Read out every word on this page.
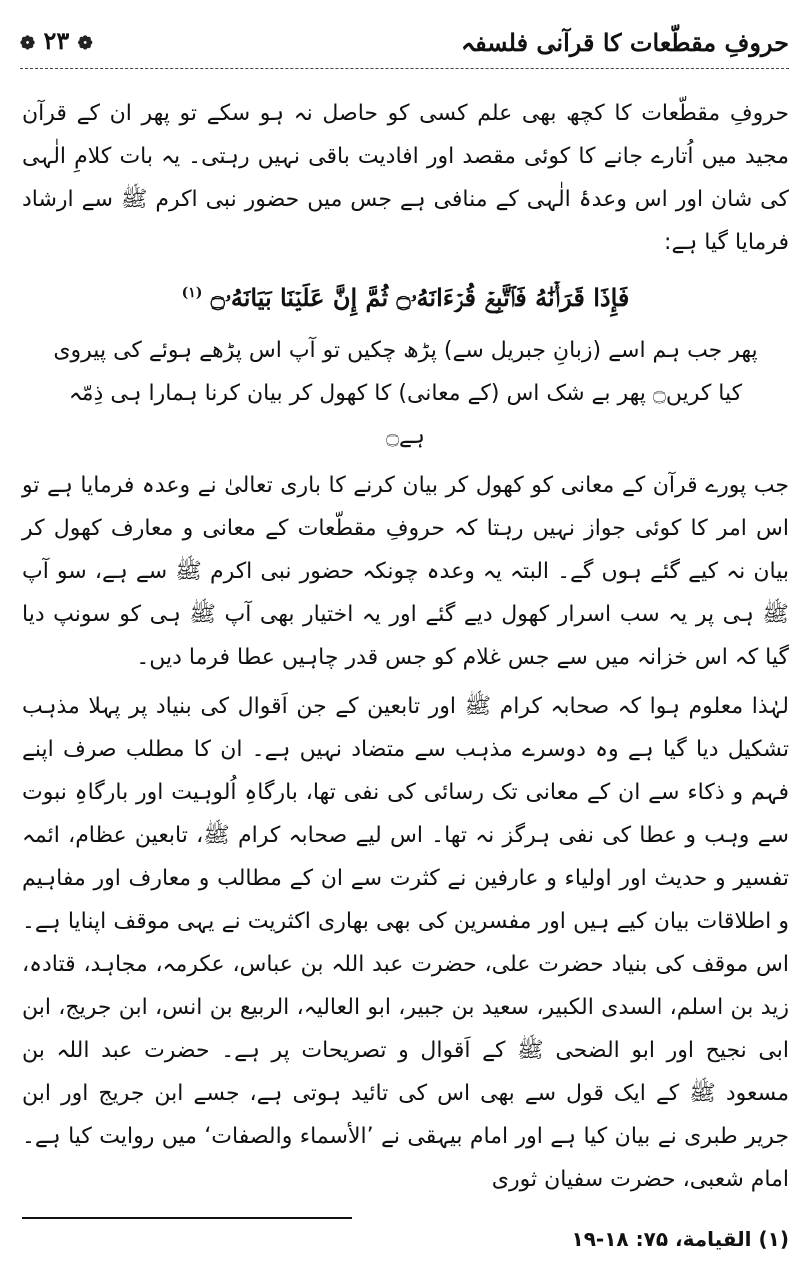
حروفِ مقطّعات کا قرآنی فلسفہ
❁ ۲۳ ❁

حروفِ مقطّعات کا کچھ بھی علم کسی کو حاصل نہ ہو سکے تو پھر ان کے قرآن مجید میں اُتارے جانے کا کوئی مقصد اور افادیت باقی نہیں رہتی۔ یہ بات کلامِ الٰہی کی شان اور اس وعدۂ الٰہی کے منافی ہے جس میں حضور نبی اکرم ﷺ سے ارشاد فرمایا گیا ہے:

فَإِذَا قَرَأۡنَٰهُ فَٱتَّبِعۡ قُرۡءَانَهُۥ۝ ثُمَّ إِنَّ عَلَيۡنَا بَيَانَهُۥ۝ $^{(۱)}$

پھر جب ہم اسے (زبانِ جبریل سے) پڑھ چکیں تو آپ اس پڑھے ہوئے کی پیروی کیا کریں۝ پھر بے شک اس (کے معانی) کا کھول کر بیان کرنا ہمارا ہی ذِمّہ ہے۝

جب پورے قرآن کے معانی کو کھول کر بیان کرنے کا باری تعالیٰ نے وعدہ فرمایا ہے تو اس امر کا کوئی جواز نہیں رہتا کہ حروفِ مقطّعات کے معانی و معارف کھول کر بیان نہ کیے گئے ہوں گے۔ البتہ یہ وعدہ چونکہ حضور نبی اکرم ﷺ سے ہے، سو آپ ﷺ ہی پر یہ سب اسرار کھول دیے گئے اور یہ اختیار بھی آپ ﷺ ہی کو سونپ دیا گیا کہ اس خزانہ میں سے جس غلام کو جس قدر چاہیں عطا فرما دیں۔

لہٰذا معلوم ہوا کہ صحابہ کرام ﷺ اور تابعین کے جن اَقوال کی بنیاد پر پہلا مذہب تشکیل دیا گیا ہے وہ دوسرے مذہب سے متضاد نہیں ہے۔ ان کا مطلب صرف اپنے فہم و ذکاء سے ان کے معانی تک رسائی کی نفی تھا، بارگاہِ اُلوہیت اور بارگاہِ نبوت سے وہب و عطا کی نفی ہرگز نہ تھا۔ اس لیے صحابہ کرام ﷺ، تابعین عظام، ائمہ تفسیر و حدیث اور اولیاء و عارفین نے کثرت سے ان کے مطالب و معارف اور مفاہیم و اطلاقات بیان کیے ہیں اور مفسرین کی بھی بھاری اکثریت نے یہی موقف اپنایا ہے۔ اس موقف کی بنیاد حضرت علی، حضرت عبد اللہ بن عباس، عکرمہ، مجاہد، قتادہ، زید بن اسلم، السدی الکبیر، سعید بن جبیر، ابو العالیہ، الربیع بن انس، ابن جریج، ابن ابی نجیح اور ابو الضحی ﷺ کے اَقوال و تصریحات پر ہے۔ حضرت عبد اللہ بن مسعود ﷺ کے ایک قول سے بھی اس کی تائید ہوتی ہے، جسے ابن جریج اور ابن جریر طبری نے بیان کیا ہے اور امام بیہقی نے ’الأسماء والصفات‘ میں روایت کیا ہے۔ امام شعبی، حضرت سفیان ثوری

(۱) القیامة، ۷۵: ۱۸-۱۹
